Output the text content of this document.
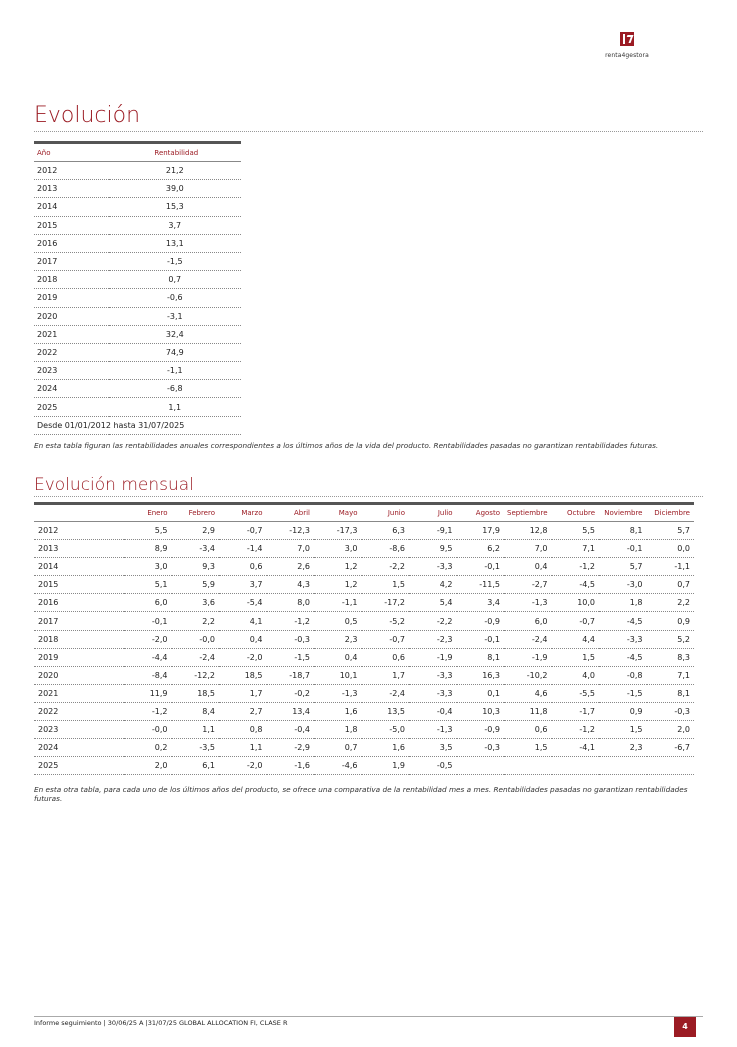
renta4gestora
Evolución
Año	Rentabilidad
2012	21,2
2013	39,0
2014	15,3
2015	3,7
2016	13,1
2017	-1,5
2018	0,7
2019	-0,6
2020	-3,1
2021	32,4
2022	74,9
2023	-1,1
2024	-6,8
2025	1,1
Desde 01/01/2012 hasta 31/07/2025	

En esta tabla figuran las rentabilidades anuales correspondientes a los últimos años de la vida del producto. Rentabilidades pasadas no garantizan rentabilidades futuras.

Evolución mensual
	Enero	Febrero	Marzo	Abril	Mayo	Junio	Julio	Agosto	Septiembre	Octubre	Noviembre	Diciembre
2012	5,5	2,9	-0,7	-12,3	-17,3	6,3	-9,1	17,9	12,8	5,5	8,1	5,7
2013	8,9	-3,4	-1,4	7,0	3,0	-8,6	9,5	6,2	7,0	7,1	-0,1	0,0
2014	3,0	9,3	0,6	2,6	1,2	-2,2	-3,3	-0,1	0,4	-1,2	5,7	-1,1
2015	5,1	5,9	3,7	4,3	1,2	1,5	4,2	-11,5	-2,7	-4,5	-3,0	0,7
2016	6,0	3,6	-5,4	8,0	-1,1	-17,2	5,4	3,4	-1,3	10,0	1,8	2,2
2017	-0,1	2,2	4,1	-1,2	0,5	-5,2	-2,2	-0,9	6,0	-0,7	-4,5	0,9
2018	-2,0	-0,0	0,4	-0,3	2,3	-0,7	-2,3	-0,1	-2,4	4,4	-3,3	5,2
2019	-4,4	-2,4	-2,0	-1,5	0,4	0,6	-1,9	8,1	-1,9	1,5	-4,5	8,3
2020	-8,4	-12,2	18,5	-18,7	10,1	1,7	-3,3	16,3	-10,2	4,0	-0,8	7,1
2021	11,9	18,5	1,7	-0,2	-1,3	-2,4	-3,3	0,1	4,6	-5,5	-1,5	8,1
2022	-1,2	8,4	2,7	13,4	1,6	13,5	-0,4	10,3	11,8	-1,7	0,9	-0,3
2023	-0,0	1,1	0,8	-0,4	1,8	-5,0	-1,3	-0,9	0,6	-1,2	1,5	2,0
2024	0,2	-3,5	1,1	-2,9	0,7	1,6	3,5	-0,3	1,5	-4,1	2,3	-6,7
2025	2,0	6,1	-2,0	-1,6	-4,6	1,9	-0,5					

En esta otra tabla, para cada uno de los últimos años del producto, se ofrece una comparativa de la rentabilidad mes a mes. Rentabilidades pasadas no garantizan rentabilidades futuras.

Informe seguimiento | 30/06/25 A |31/07/25 GLOBAL ALLOCATION FI, CLASE R	4
